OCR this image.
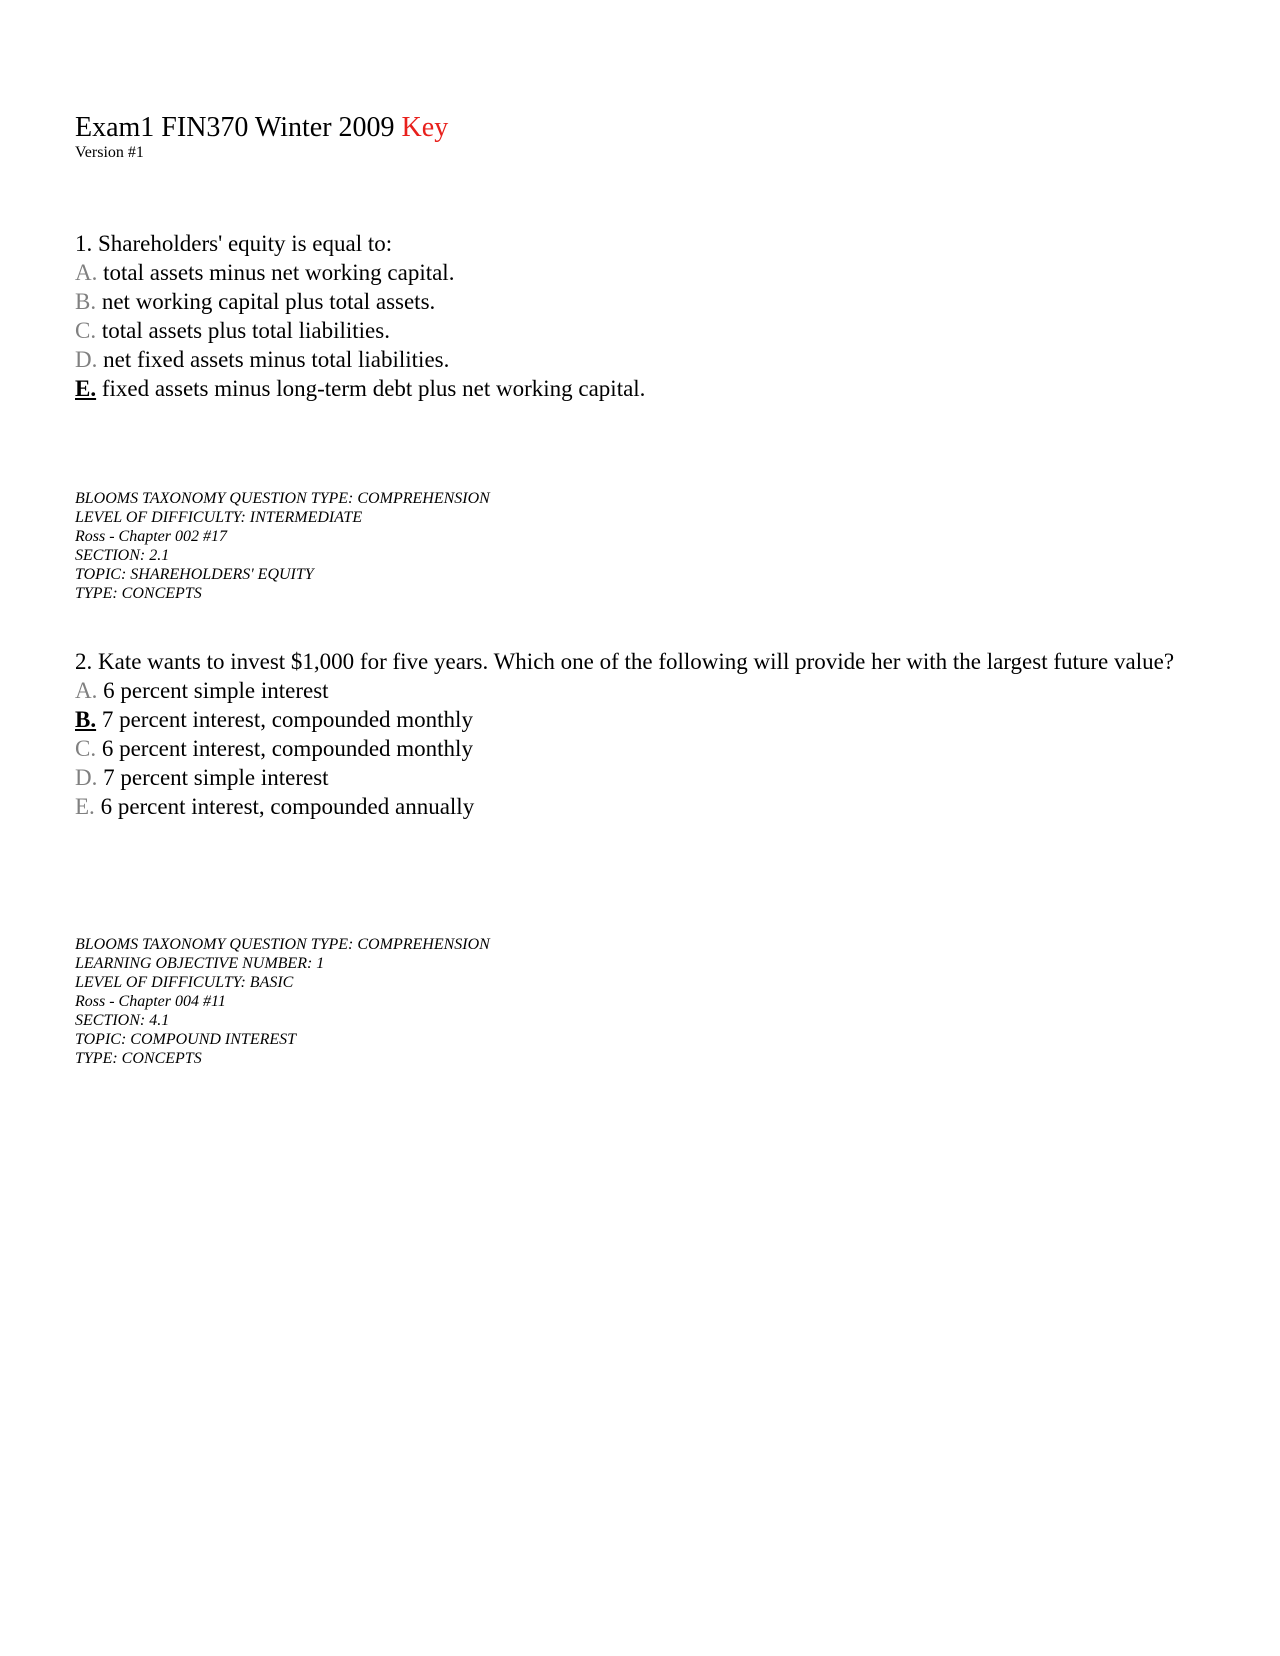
Exam1 FIN370 Winter 2009 Key

Version #1

1. Shareholders' equity is equal to:

A. total assets minus net working capital.

B. net working capital plus total assets.

C. total assets plus total liabilities.

D. net fixed assets minus total liabilities.

E. fixed assets minus long-term debt plus net working capital.

BLOOMS TAXONOMY QUESTION TYPE: COMPREHENSION
LEVEL OF DIFFICULTY: INTERMEDIATE
Ross - Chapter 002 #17
SECTION: 2.1
TOPIC: SHAREHOLDERS' EQUITY
TYPE: CONCEPTS

2. Kate wants to invest $1,000 for five years. Which one of the following will provide her with the largest future value?

A. 6 percent simple interest

B. 7 percent interest, compounded monthly

C. 6 percent interest, compounded monthly

D. 7 percent simple interest

E. 6 percent interest, compounded annually

BLOOMS TAXONOMY QUESTION TYPE: COMPREHENSION
LEARNING OBJECTIVE NUMBER: 1
LEVEL OF DIFFICULTY: BASIC
Ross - Chapter 004 #11
SECTION: 4.1
TOPIC: COMPOUND INTEREST
TYPE: CONCEPTS
